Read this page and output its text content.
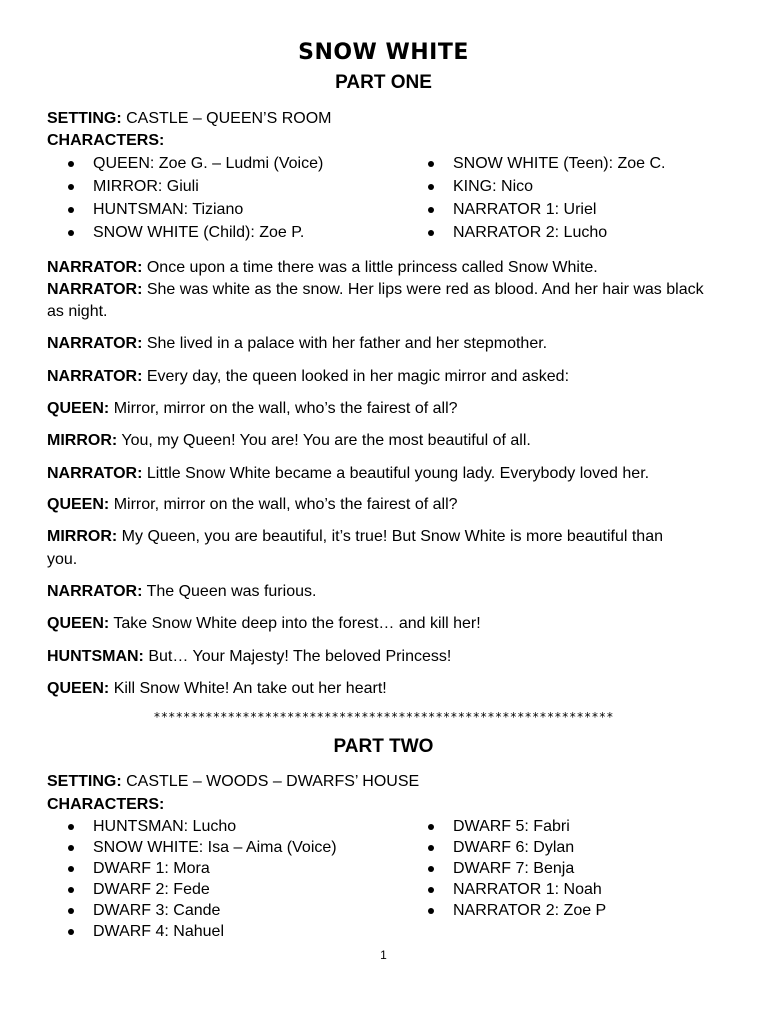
SNOW WHITE
PART ONE
SETTING: CASTLE – QUEEN’S ROOM
CHARACTERS:
QUEEN: Zoe G. – Ludmi (Voice)
MIRROR: Giuli
HUNTSMAN: Tiziano
SNOW WHITE (Child): Zoe P.
SNOW WHITE (Teen): Zoe C.
KING: Nico
NARRATOR 1: Uriel
NARRATOR 2: Lucho
NARRATOR: Once upon a time there was a little princess called Snow White.
NARRATOR: She was white as the snow. Her lips were red as blood. And her hair was black
as night.
NARRATOR: She lived in a palace with her father and her stepmother.
NARRATOR: Every day, the queen looked in her magic mirror and asked:
QUEEN: Mirror, mirror on the wall, who’s the fairest of all?
MIRROR: You, my Queen! You are! You are the most beautiful of all.
NARRATOR: Little Snow White became a beautiful young lady. Everybody loved her.
QUEEN: Mirror, mirror on the wall, who’s the fairest of all?
MIRROR: My Queen, you are beautiful, it’s true! But Snow White is more beautiful than
you.
NARRATOR: The Queen was furious.
QUEEN: Take Snow White deep into the forest… and kill her!
HUNTSMAN: But… Your Majesty! The beloved Princess!
QUEEN: Kill Snow White! An take out her heart!
**************************************************************
PART TWO
SETTING: CASTLE – WOODS – DWARFS’ HOUSE
CHARACTERS:
HUNTSMAN: Lucho
SNOW WHITE: Isa – Aima (Voice)
DWARF 1: Mora
DWARF 2: Fede
DWARF 3: Cande
DWARF 4: Nahuel
DWARF 5: Fabri
DWARF 6: Dylan
DWARF 7: Benja
NARRATOR 1: Noah
NARRATOR 2: Zoe P
1
